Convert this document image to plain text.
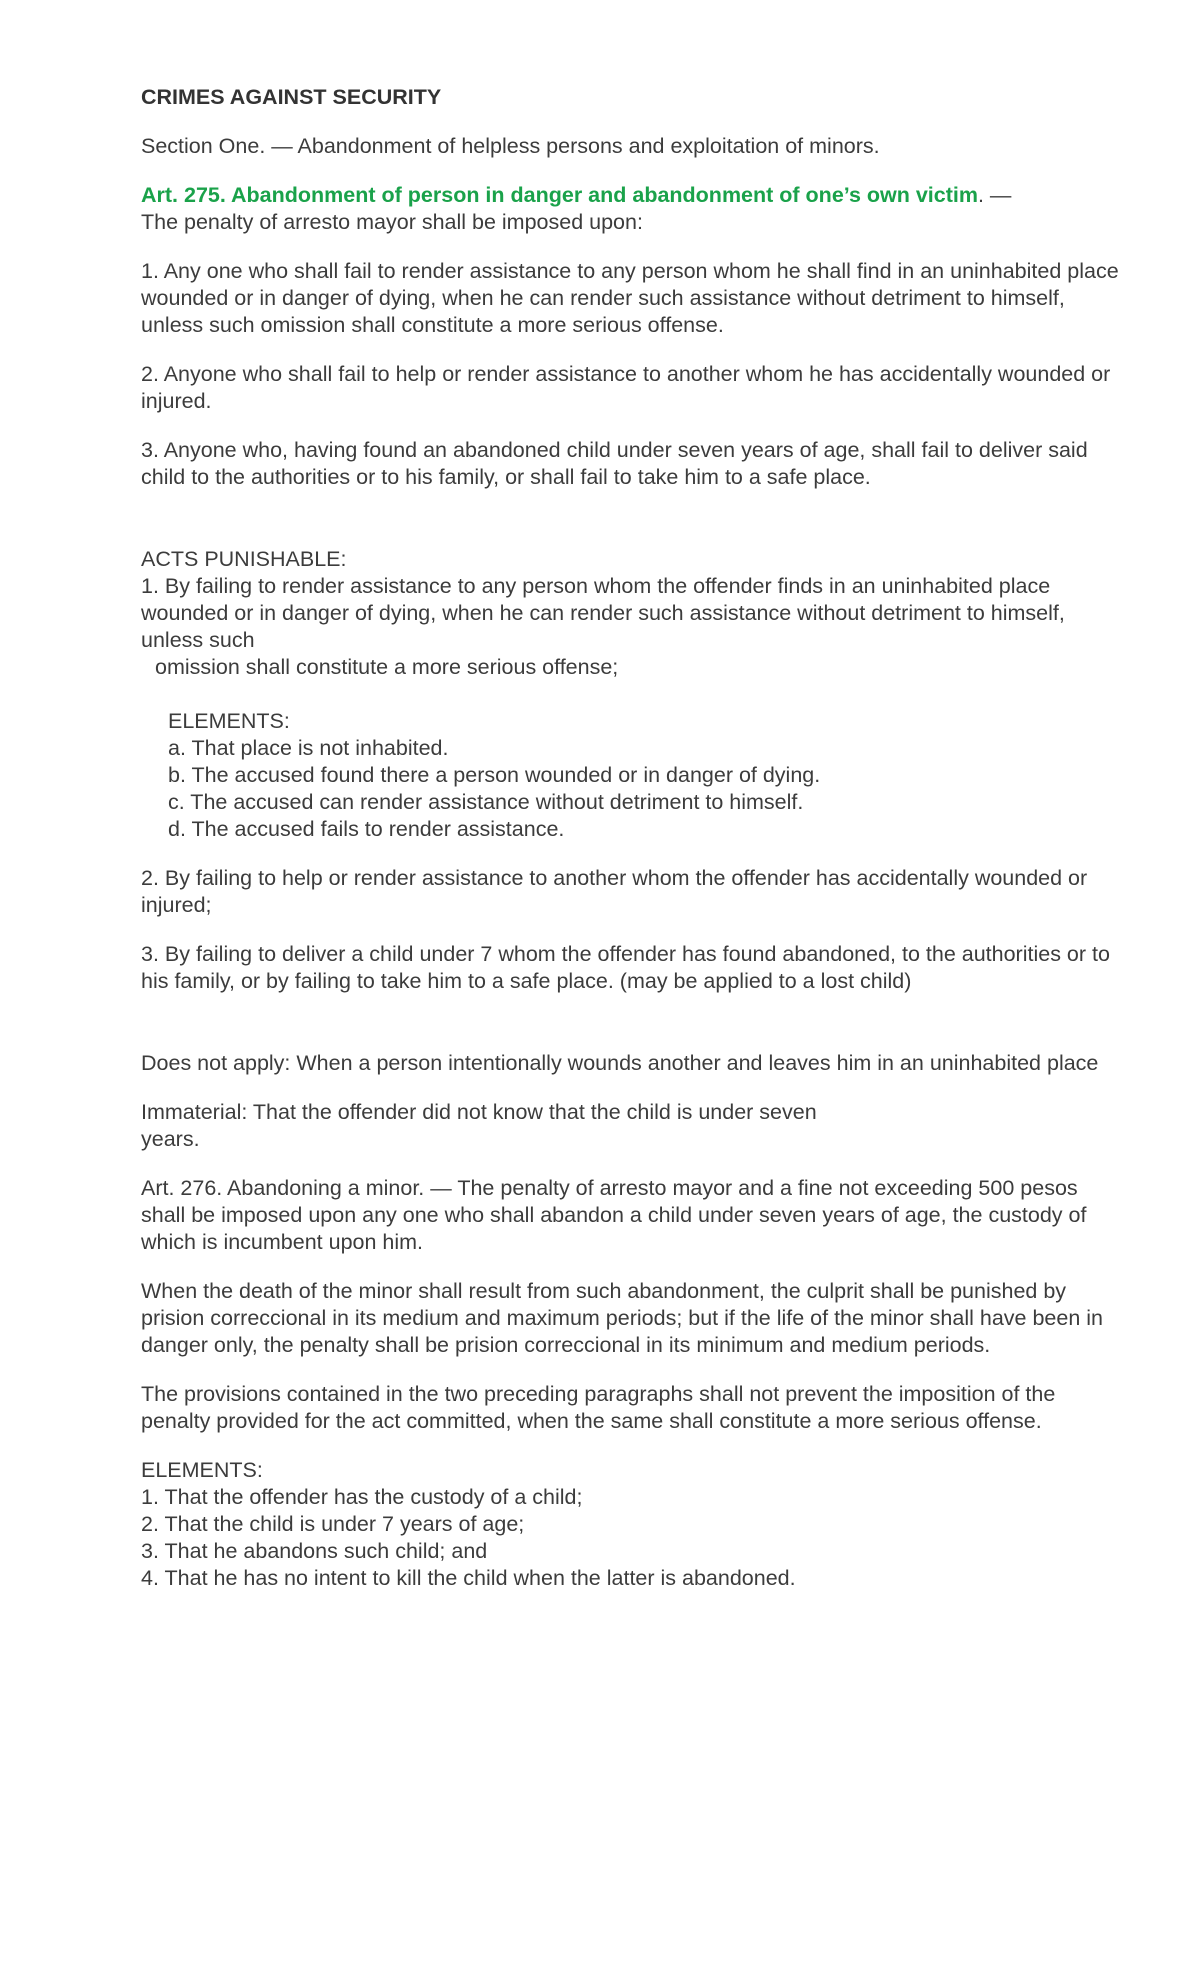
CRIMES AGAINST SECURITY

Section One. — Abandonment of helpless persons and exploitation of minors.

Art. 275. Abandonment of person in danger and abandonment of one’s own victim. —
The penalty of arresto mayor shall be imposed upon:

1. Any one who shall fail to render assistance to any person whom he shall find in an uninhabited place wounded or in danger of dying, when he can render such assistance without detriment to himself, unless such omission shall constitute a more serious offense.

2. Anyone who shall fail to help or render assistance to another whom he has accidentally wounded or injured.

3. Anyone who, having found an abandoned child under seven years of age, shall fail to deliver said child to the authorities or to his family, or shall fail to take him to a safe place.

ACTS PUNISHABLE:

1. By failing to render assistance to any person whom the offender finds in an uninhabited place wounded or in danger of dying, when he can render such assistance without detriment to himself, unless such

omission shall constitute a more serious offense;

ELEMENTS:
a. That place is not inhabited.
b. The accused found there a person wounded or in danger of dying.
c. The accused can render assistance without detriment to himself.
d. The accused fails to render assistance.

2. By failing to help or render assistance to another whom the offender has accidentally wounded or injured;

3. By failing to deliver a child under 7 whom the offender has found abandoned, to the authorities or to his family, or by failing to take him to a safe place. (may be applied to a lost child)

Does not apply: When a person intentionally wounds another and leaves him in an uninhabited place

Immaterial: That the offender did not know that the child is under seven
years.

Art. 276. Abandoning a minor. — The penalty of arresto mayor and a fine not exceeding 500 pesos shall be imposed upon any one who shall abandon a child under seven years of age, the custody of which is incumbent upon him.

When the death of the minor shall result from such abandonment, the culprit shall be punished by prision correccional in its medium and maximum periods; but if the life of the minor shall have been in danger only, the penalty shall be prision correccional in its minimum and medium periods.

The provisions contained in the two preceding paragraphs shall not prevent the imposition of the penalty provided for the act committed, when the same shall constitute a more serious offense.

ELEMENTS:
1. That the offender has the custody of a child;
2. That the child is under 7 years of age;
3. That he abandons such child; and
4. That he has no intent to kill the child when the latter is abandoned.
